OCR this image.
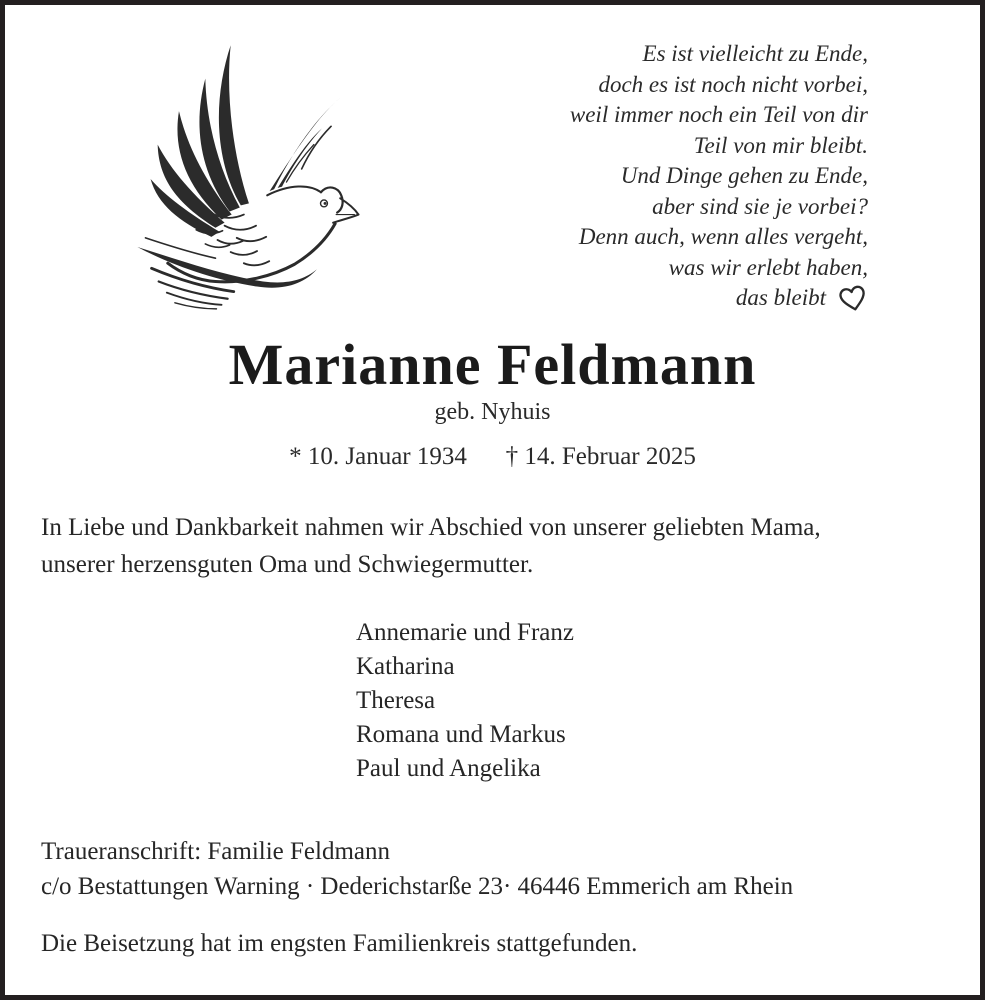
Es ist vielleicht zu Ende,
doch es ist noch nicht vorbei,
weil immer noch ein Teil von dir
Teil von mir bleibt.
Und Dinge gehen zu Ende,
aber sind sie je vorbei?
Denn auch, wenn alles vergeht,
was wir erlebt haben,
das bleibt
Marianne Feldmann
geb. Nyhuis
* 10. Januar 1934 † 14. Februar 2025
In Liebe und Dankbarkeit nahmen wir Abschied von unserer geliebten Mama,
unserer herzensguten Oma und Schwiegermutter.
Annemarie und Franz
Katharina
Theresa
Romana und Markus
Paul und Angelika
Traueranschrift: Familie Feldmann
c/o Bestattungen Warning · Dederichstarße 23· 46446 Emmerich am Rhein
Die Beisetzung hat im engsten Familienkreis stattgefunden.
